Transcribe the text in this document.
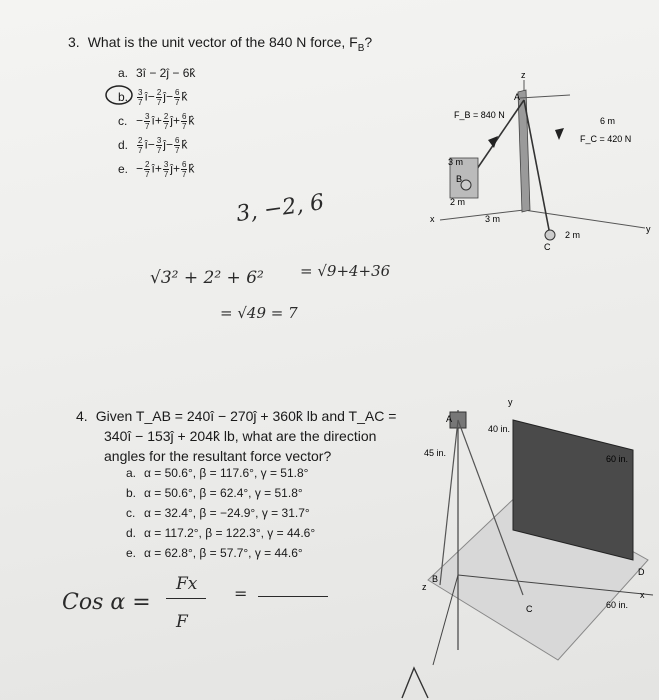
3. What is the unit vector of the 840 N force, $F_B$?
a. 3î − 2ĵ − 6k̂
b. $\frac{3}{7}$ î− $\frac{2}{7}$ ĵ− $\frac{6}{7}$ k̂
c. − $\frac{3}{7}$ î+ $\frac{2}{7}$ ĵ+ $\frac{6}{7}$ k̂
d. $\frac{2}{7}$ î− $\frac{3}{7}$ ĵ− $\frac{6}{7}$ k̂
e. − $\frac{2}{7}$ î+ $\frac{3}{7}$ ĵ+ $\frac{6}{7}$ k̂
z
x
y
A
B
C
F_B = 840 N
F_C = 420 N
6 m
3 m
2 m
3 m
2 m
3, −2, 6
√3² + 2² + 6² = √9+4+36
= √49 = 7
4. Given T_AB = 240î − 270ĵ + 360k̂ lb and T_AC =
340î − 153ĵ + 204k̂ lb, what are the direction
angles for the resultant force vector?
a. α = 50.6°, β = 117.6°, γ = 51.8°
b. α = 50.6°, β = 62.4°, γ = 51.8°
c. α = 32.4°, β = −24.9°, γ = 31.7°
d. α = 117.2°, β = 122.3°, γ = 44.6°
e. α = 62.8°, β = 57.7°, γ = 44.6°
y
z
x
A
B
C
D
40 in.
45 in.
60 in.
60 in.
Cos α =
Fx
F
=
